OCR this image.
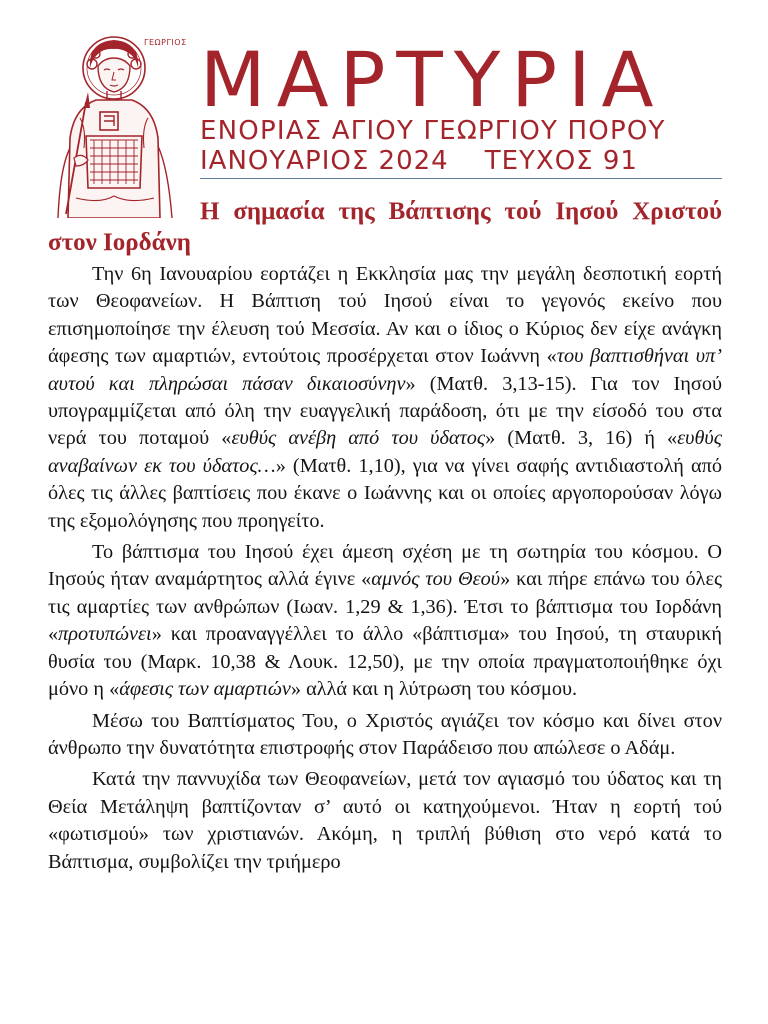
ΓΕΩΡΓΙΟΣ ΜΑΡΤΥΡΙΑ
ΕΝΟΡΙΑΣ ΑΓΙΟΥ ΓΕΩΡΓΙΟΥ ΠΟΡΟΥ
ΙΑΝΟΥΑΡΙΟΣ 2024 ΤΕΥΧΟΣ 91
Η σημασία της Βάπτισης τού Ιησού Χριστού στον Ιορδάνη

Την 6η Ιανουαρίου εορτάζει η Εκκλησία μας την μεγάλη δεσποτική εορτή των Θεοφανείων. Η Βάπτιση τού Ιησού είναι το γεγονός εκείνο που επισημοποίησε την έλευση τού Μεσσία. Αν και ο ίδιος ο Κύριος δεν είχε ανάγκη άφεσης των αμαρτιών, εντούτοις προσέρχεται στον Ιωάννη «του βαπτισθήναι υπ’ αυτού και πληρώσαι πάσαν δικαιοσύνην» (Ματθ. 3,13-15). Για τον Ιησού υπογραμμίζεται από όλη την ευαγγελική παράδοση, ότι με την είσοδό του στα νερά του ποταμού «ευθύς ανέβη από του ύδατος» (Ματθ. 3, 16) ή «ευθύς αναβαίνων εκ του ύδατος…» (Ματθ. 1,10), για να γίνει σαφής αντιδιαστολή από όλες τις άλλες βαπτίσεις που έκανε ο Ιωάννης και οι οποίες αργοπορούσαν λόγω της εξομολόγησης που προηγείτο.

Το βάπτισμα του Ιησού έχει άμεση σχέση με τη σωτηρία του κόσμου. Ο Ιησούς ήταν αναμάρτητος αλλά έγινε «αμνός του Θεού» και πήρε επάνω του όλες τις αμαρτίες των ανθρώπων (Ιωαν. 1,29 & 1,36). Έτσι το βάπτισμα του Ιορδάνη «προτυπώνει» και προαναγγέλλει το άλλο «βάπτισμα» του Ιησού, τη σταυρική θυσία του (Μαρκ. 10,38 & Λουκ. 12,50), με την οποία πραγματοποιήθηκε όχι μόνο η «άφεσις των αμαρτιών» αλλά και η λύτρωση του κόσμου.

Μέσω του Βαπτίσματος Του, ο Χριστός αγιάζει τον κόσμο και δίνει στον άνθρωπο την δυνατότητα επιστροφής στον Παράδεισο που απώλεσε ο Αδάμ.

Κατά την παννυχίδα των Θεοφανείων, μετά τον αγιασμό του ύδατος και τη Θεία Μετάληψη βαπτίζονταν σ’ αυτό οι κατηχούμενοι. Ήταν η εορτή τού «φωτισμού» των χριστιανών. Ακόμη, η τριπλή βύθιση στο νερό κατά το Βάπτισμα, συμβολίζει την τριήμερο
